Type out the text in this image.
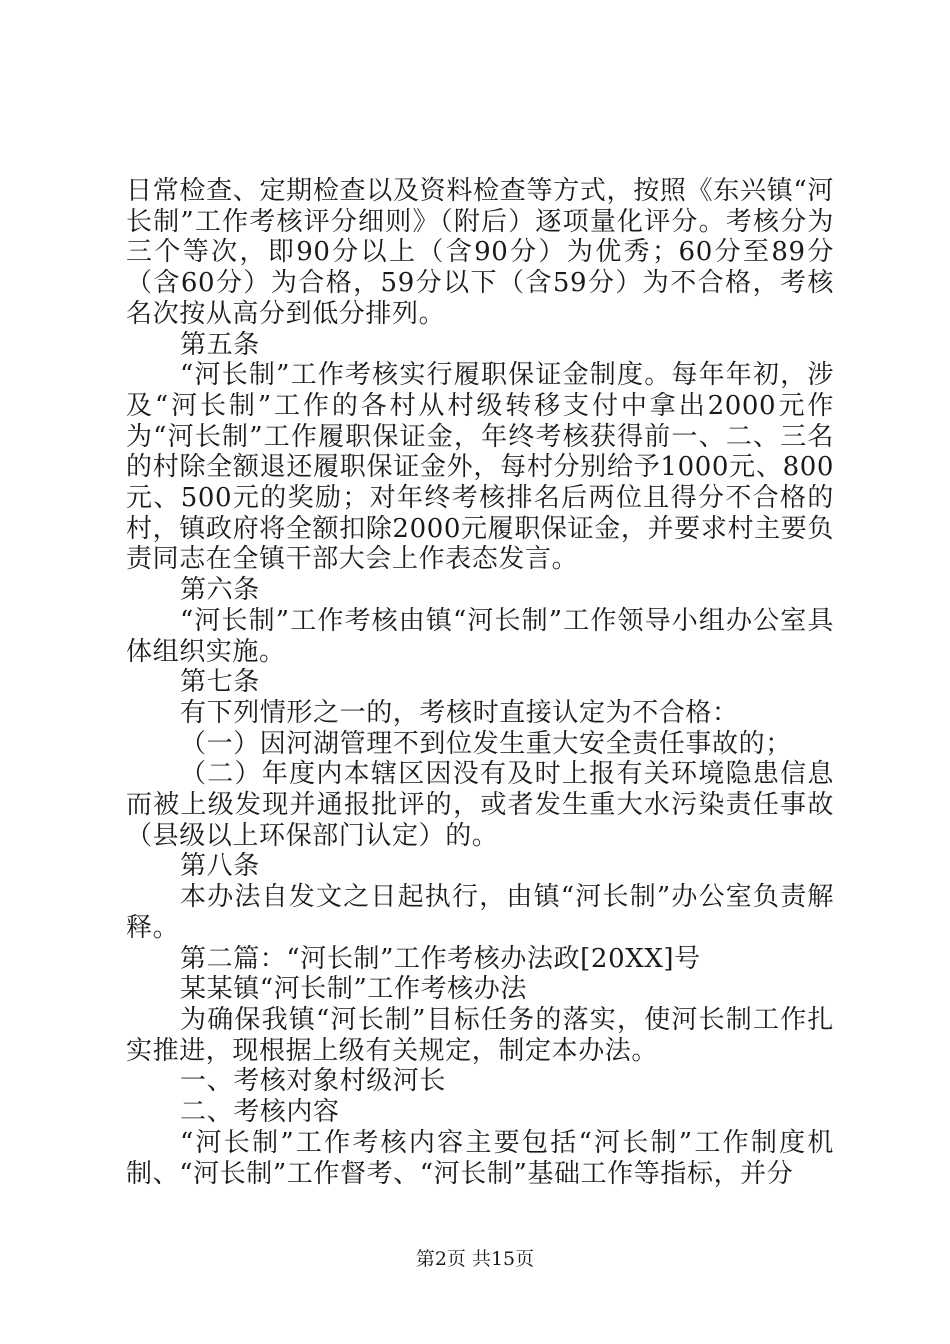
日常检查、定期检查以及资料检查等方式，按照《东兴镇“河长制”工作考核评分细则》（附后）逐项量化评分。考核分为三个等次，即90分以上（含90分）为优秀；60分至89分（含60分）为合格，59分以下（含59分）为不合格，考核名次按从高分到低分排列。

第五条

“河长制”工作考核实行履职保证金制度。每年年初，涉及“河长制”工作的各村从村级转移支付中拿出2000元作为“河长制”工作履职保证金，年终考核获得前一、二、三名的村除全额退还履职保证金外，每村分别给予1000元、800元、500元的奖励；对年终考核排名后两位且得分不合格的村，镇政府将全额扣除2000元履职保证金，并要求村主要负责同志在全镇干部大会上作表态发言。

第六条

“河长制”工作考核由镇“河长制”工作领导小组办公室具体组织实施。

第七条

有下列情形之一的，考核时直接认定为不合格：

（一）因河湖管理不到位发生重大安全责任事故的；

（二）年度内本辖区因没有及时上报有关环境隐患信息而被上级发现并通报批评的，或者发生重大水污染责任事故（县级以上环保部门认定）的。

第八条

本办法自发文之日起执行，由镇“河长制”办公室负责解释。

第二篇：“河长制”工作考核办法政[20XX]号

某某镇“河长制”工作考核办法

为确保我镇“河长制”目标任务的落实，使河长制工作扎实推进，现根据上级有关规定，制定本办法。

一、考核对象村级河长

二、考核内容

“河长制”工作考核内容主要包括“河长制”工作制度机制、“河长制”工作督考、“河长制”基础工作等指标，并分

第2页 共15页
